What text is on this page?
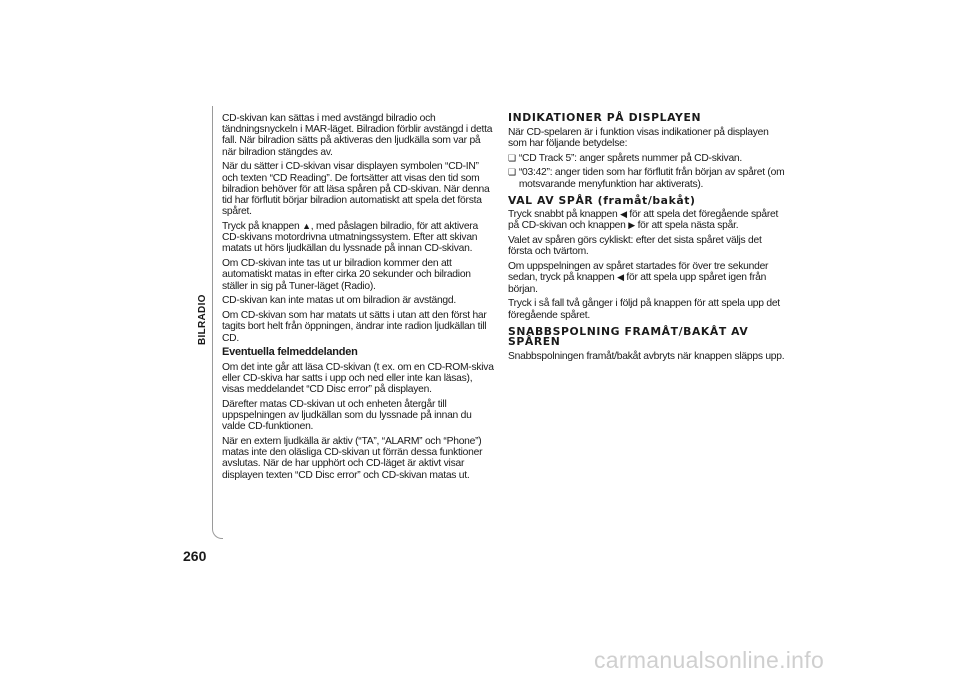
BILRADIO
260

CD-skivan kan sättas i med avstängd bilradio och tändningsnyckeln i MAR-läget. Bilradion förblir avstängd i detta fall. När bilradion sätts på aktiveras den ljudkälla som var på när bilradion stängdes av.

När du sätter i CD-skivan visar displayen symbolen “CD-IN” och texten “CD Reading”. De fortsätter att visas den tid som bilradion behöver för att läsa spåren på CD-skivan. När denna tid har förflutit börjar bilradion automatiskt att spela det första spåret.

Tryck på knappen ▲, med påslagen bilradio, för att aktivera CD-skivans motordrivna utmatningssystem. Efter att skivan matats ut hörs ljudkällan du lyssnade på innan CD-skivan.

Om CD-skivan inte tas ut ur bilradion kommer den att automatiskt matas in efter cirka 20 sekunder och bilradion ställer in sig på Tuner-läget (Radio).

CD-skivan kan inte matas ut om bilradion är avstängd.

Om CD-skivan som har matats ut sätts i utan att den först har tagits bort helt från öppningen, ändrar inte radion ljudkällan till CD.

Eventuella felmeddelanden

Om det inte går att läsa CD-skivan (t ex. om en CD-ROM-skiva eller CD-skiva har satts i upp och ned eller inte kan läsas), visas meddelandet “CD Disc error” på displayen.

Därefter matas CD-skivan ut och enheten återgår till uppspelningen av ljudkällan som du lyssnade på innan du valde CD-funktionen.

När en extern ljudkälla är aktiv (“TA”, “ALARM” och “Phone”) matas inte den oläsliga CD-skivan ut förrän dessa funktioner avslutas. När de har upphört och CD-läget är aktivt visar displayen texten “CD Disc error” och CD-skivan matas ut.

INDIKATIONER PÅ DISPLAYEN

När CD-spelaren är i funktion visas indikationer på displayen som har följande betydelse:

❏ “CD Track 5”: anger spårets nummer på CD-skivan.
❏ “03:42”: anger tiden som har förflutit från början av spåret (om motsvarande menyfunktion har aktiverats).
VAL AV SPÅR (framåt/bakåt)

Tryck snabbt på knappen ◀ för att spela det föregående spåret på CD-skivan och knappen ▶ för att spela nästa spår.

Valet av spåren görs cykliskt: efter det sista spåret väljs det första och tvärtom.

Om uppspelningen av spåret startades för över tre sekunder sedan, tryck på knappen ◀ för att spela upp spåret igen från början.

Tryck i så fall två gånger i följd på knappen för att spela upp det föregående spåret.

SNABBSPOLNING FRAMÅT/BAKÅT AV SPÅREN

Snabbspolningen framåt/bakåt avbryts när knappen släpps upp.

carmanualsonline.info
